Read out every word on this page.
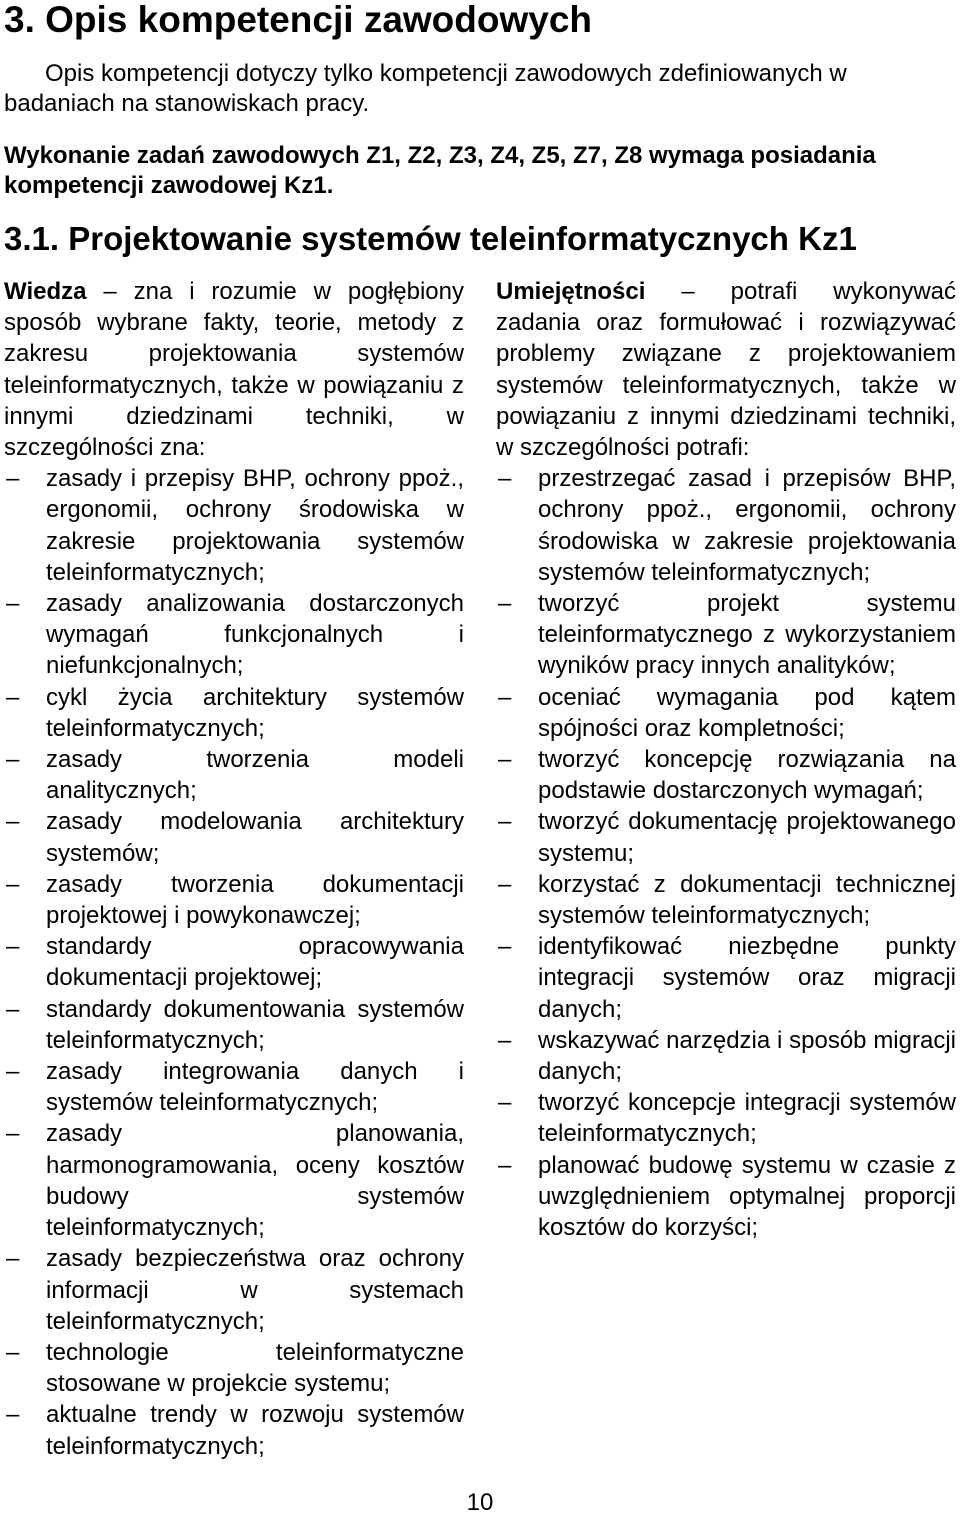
3. Opis kompetencji zawodowych

Opis kompetencji dotyczy tylko kompetencji zawodowych zdefiniowanych w badaniach na stanowiskach pracy.

Wykonanie zadań zawodowych Z1, Z2, Z3, Z4, Z5, Z7, Z8 wymaga posiadania kompetencji zawodowej Kz1.

3.1. Projektowanie systemów teleinformatycznych Kz1

Wiedza – zna i rozumie w pogłębiony sposób wybrane fakty, teorie, metody z zakresu projektowania systemów teleinformatycznych, także w powiązaniu z innymi dziedzinami techniki, w szczególności zna:

– zasady i przepisy BHP, ochrony ppoż., ergonomii, ochrony środowiska w zakresie projektowania systemów teleinformatycznych;
– zasady analizowania dostarczonych wymagań funkcjonalnych i niefunkcjonalnych;
– cykl życia architektury systemów teleinformatycznych;
– zasady tworzenia modeli analitycznych;
– zasady modelowania architektury systemów;
– zasady tworzenia dokumentacji projektowej i powykonawczej;
– standardy opracowywania dokumentacji projektowej;
– standardy dokumentowania systemów teleinformatycznych;
– zasady integrowania danych i systemów teleinformatycznych;
– zasady planowania, harmonogramowania, oceny kosztów budowy systemów teleinformatycznych;
– zasady bezpieczeństwa oraz ochrony informacji w systemach teleinformatycznych;
– technologie teleinformatyczne stosowane w projekcie systemu;
– aktualne trendy w rozwoju systemów teleinformatycznych;

Umiejętności – potrafi wykonywać zadania oraz formułować i rozwiązywać problemy związane z projektowaniem systemów teleinformatycznych, także w powiązaniu z innymi dziedzinami techniki, w szczególności potrafi:

– przestrzegać zasad i przepisów BHP, ochrony ppoż., ergonomii, ochrony środowiska w zakresie projektowania systemów teleinformatycznych;
– tworzyć projekt systemu teleinformatycznego z wykorzystaniem wyników pracy innych analityków;
– oceniać wymagania pod kątem spójności oraz kompletności;
– tworzyć koncepcję rozwiązania na podstawie dostarczonych wymagań;
– tworzyć dokumentację projektowanego systemu;
– korzystać z dokumentacji technicznej systemów teleinformatycznych;
– identyfikować niezbędne punkty integracji systemów oraz migracji danych;
– wskazywać narzędzia i sposób migracji danych;
– tworzyć koncepcje integracji systemów teleinformatycznych;
– planować budowę systemu w czasie z uwzględnieniem optymalnej proporcji kosztów do korzyści;
10
